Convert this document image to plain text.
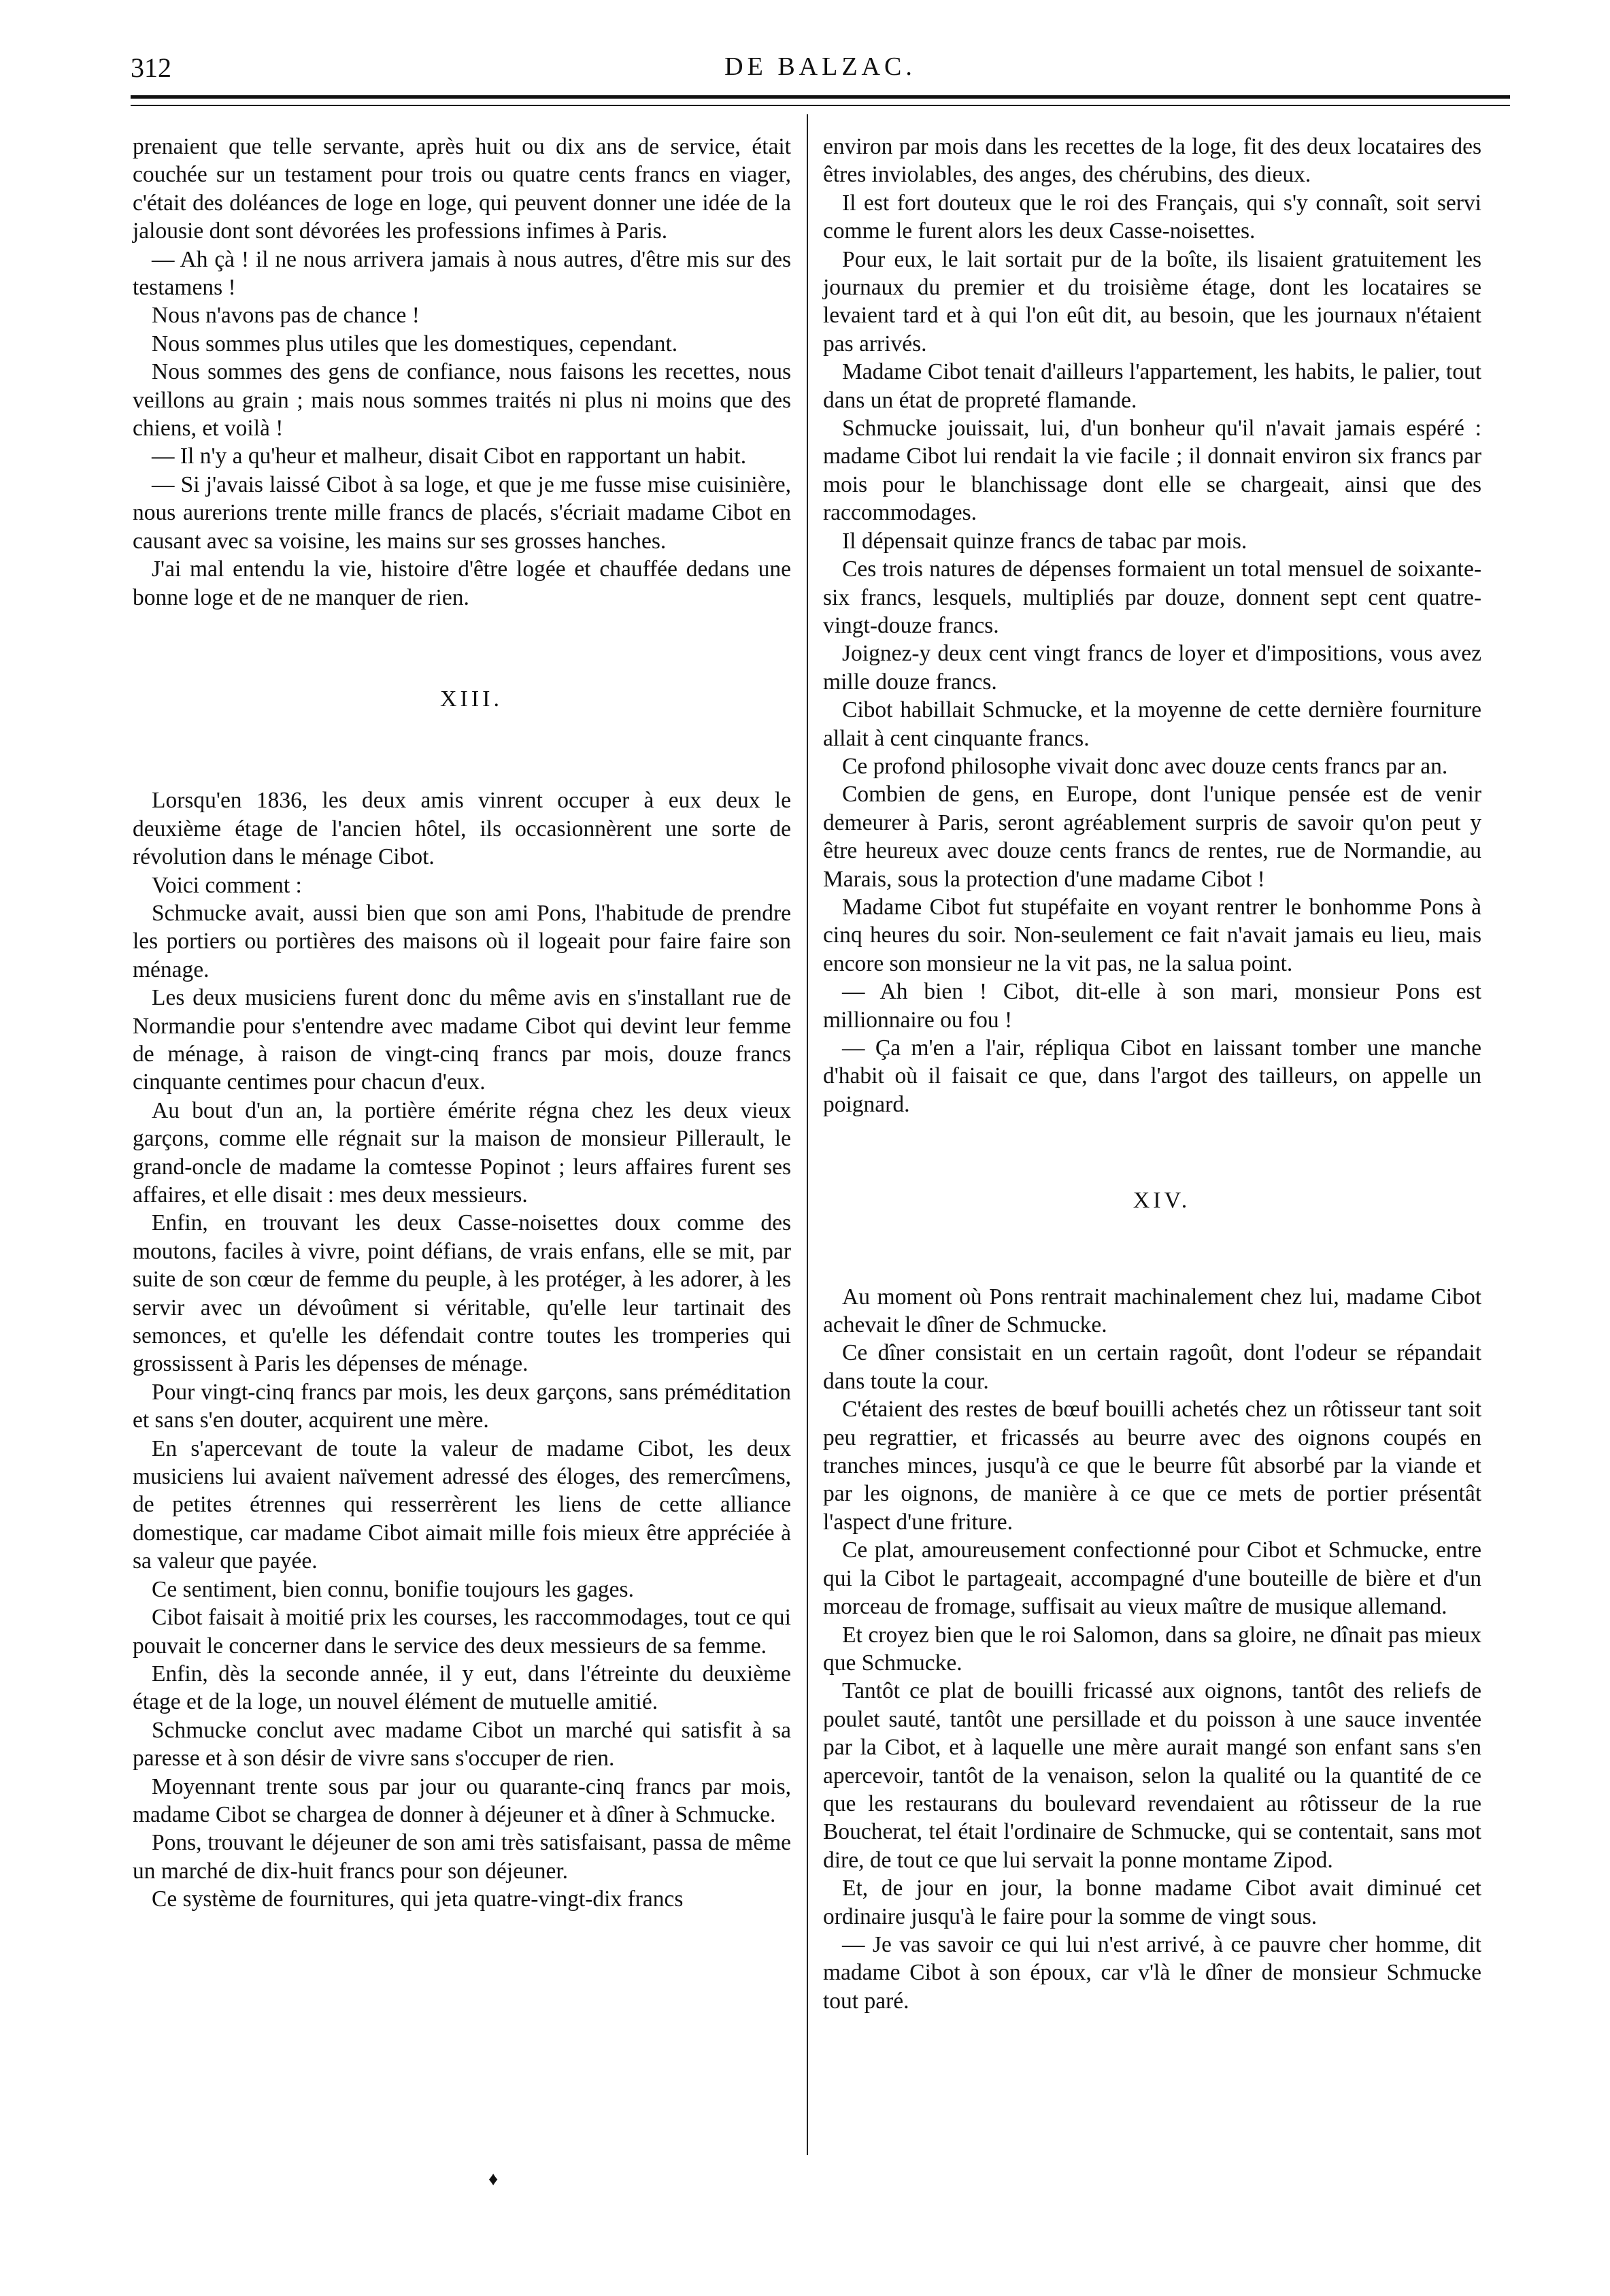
312	DE BALZAC.

prenaient que telle servante, après huit ou dix ans de service, était couchée sur un testament pour trois ou quatre cents francs en viager, c'était des doléances de loge en loge, qui peuvent donner une idée de la jalousie dont sont dévorées les professions infimes à Paris.

— Ah çà ! il ne nous arrivera jamais à nous autres, d'être mis sur des testamens !

Nous n'avons pas de chance !

Nous sommes plus utiles que les domestiques, cependant.

Nous sommes des gens de confiance, nous faisons les recettes, nous veillons au grain ; mais nous sommes traités ni plus ni moins que des chiens, et voilà !

— Il n'y a qu'heur et malheur, disait Cibot en rapportant un habit.

— Si j'avais laissé Cibot à sa loge, et que je me fusse mise cuisinière, nous aurerions trente mille francs de placés, s'écriait madame Cibot en causant avec sa voisine, les mains sur ses grosses hanches.

J'ai mal entendu la vie, histoire d'être logée et chauffée dedans une bonne loge et de ne manquer de rien.

XIII.

Lorsqu'en 1836, les deux amis vinrent occuper à eux deux le deuxième étage de l'ancien hôtel, ils occasionnèrent une sorte de révolution dans le ménage Cibot.

Voici comment :

Schmucke avait, aussi bien que son ami Pons, l'habitude de prendre les portiers ou portières des maisons où il logeait pour faire faire son ménage.

Les deux musiciens furent donc du même avis en s'installant rue de Normandie pour s'entendre avec madame Cibot qui devint leur femme de ménage, à raison de vingt-cinq francs par mois, douze francs cinquante centimes pour chacun d'eux.

Au bout d'un an, la portière émérite régna chez les deux vieux garçons, comme elle régnait sur la maison de monsieur Pillerault, le grand-oncle de madame la comtesse Popinot ; leurs affaires furent ses affaires, et elle disait : mes deux messieurs.

Enfin, en trouvant les deux Casse-noisettes doux comme des moutons, faciles à vivre, point défians, de vrais enfans, elle se mit, par suite de son cœur de femme du peuple, à les protéger, à les adorer, à les servir avec un dévoûment si véritable, qu'elle leur tartinait des semonces, et qu'elle les défendait contre toutes les tromperies qui grossissent à Paris les dépenses de ménage.

Pour vingt-cinq francs par mois, les deux garçons, sans préméditation et sans s'en douter, acquirent une mère.

En s'apercevant de toute la valeur de madame Cibot, les deux musiciens lui avaient naïvement adressé des éloges, des remercîmens, de petites étrennes qui resserrèrent les liens de cette alliance domestique, car madame Cibot aimait mille fois mieux être appréciée à sa valeur que payée.

Ce sentiment, bien connu, bonifie toujours les gages.

Cibot faisait à moitié prix les courses, les raccommodages, tout ce qui pouvait le concerner dans le service des deux messieurs de sa femme.

Enfin, dès la seconde année, il y eut, dans l'étreinte du deuxième étage et de la loge, un nouvel élément de mutuelle amitié.

Schmucke conclut avec madame Cibot un marché qui satisfit à sa paresse et à son désir de vivre sans s'occuper de rien.

Moyennant trente sous par jour ou quarante-cinq francs par mois, madame Cibot se chargea de donner à déjeuner et à dîner à Schmucke.

Pons, trouvant le déjeuner de son ami très satisfaisant, passa de même un marché de dix-huit francs pour son déjeuner.

Ce système de fournitures, qui jeta quatre-vingt-dix francs

environ par mois dans les recettes de la loge, fit des deux locataires des êtres inviolables, des anges, des chérubins, des dieux.

Il est fort douteux que le roi des Français, qui s'y connaît, soit servi comme le furent alors les deux Casse-noisettes.

Pour eux, le lait sortait pur de la boîte, ils lisaient gratuitement les journaux du premier et du troisième étage, dont les locataires se levaient tard et à qui l'on eût dit, au besoin, que les journaux n'étaient pas arrivés.

Madame Cibot tenait d'ailleurs l'appartement, les habits, le palier, tout dans un état de propreté flamande.

Schmucke jouissait, lui, d'un bonheur qu'il n'avait jamais espéré : madame Cibot lui rendait la vie facile ; il donnait environ six francs par mois pour le blanchissage dont elle se chargeait, ainsi que des raccommodages.

Il dépensait quinze francs de tabac par mois.

Ces trois natures de dépenses formaient un total mensuel de soixante-six francs, lesquels, multipliés par douze, donnent sept cent quatre-vingt-douze francs.

Joignez-y deux cent vingt francs de loyer et d'impositions, vous avez mille douze francs.

Cibot habillait Schmucke, et la moyenne de cette dernière fourniture allait à cent cinquante francs.

Ce profond philosophe vivait donc avec douze cents francs par an.

Combien de gens, en Europe, dont l'unique pensée est de venir demeurer à Paris, seront agréablement surpris de savoir qu'on peut y être heureux avec douze cents francs de rentes, rue de Normandie, au Marais, sous la protection d'une madame Cibot !

Madame Cibot fut stupéfaite en voyant rentrer le bonhomme Pons à cinq heures du soir. Non-seulement ce fait n'avait jamais eu lieu, mais encore son monsieur ne la vit pas, ne la salua point.

— Ah bien ! Cibot, dit-elle à son mari, monsieur Pons est millionnaire ou fou !

— Ça m'en a l'air, répliqua Cibot en laissant tomber une manche d'habit où il faisait ce que, dans l'argot des tailleurs, on appelle un poignard.

XIV.

Au moment où Pons rentrait machinalement chez lui, madame Cibot achevait le dîner de Schmucke.

Ce dîner consistait en un certain ragoût, dont l'odeur se répandait dans toute la cour.

C'étaient des restes de bœuf bouilli achetés chez un rôtisseur tant soit peu regrattier, et fricassés au beurre avec des oignons coupés en tranches minces, jusqu'à ce que le beurre fût absorbé par la viande et par les oignons, de manière à ce que ce mets de portier présentât l'aspect d'une friture.

Ce plat, amoureusement confectionné pour Cibot et Schmucke, entre qui la Cibot le partageait, accompagné d'une bouteille de bière et d'un morceau de fromage, suffisait au vieux maître de musique allemand.

Et croyez bien que le roi Salomon, dans sa gloire, ne dînait pas mieux que Schmucke.

Tantôt ce plat de bouilli fricassé aux oignons, tantôt des reliefs de poulet sauté, tantôt une persillade et du poisson à une sauce inventée par la Cibot, et à laquelle une mère aurait mangé son enfant sans s'en apercevoir, tantôt de la venaison, selon la qualité ou la quantité de ce que les restaurans du boulevard revendaient au rôtisseur de la rue Boucherat, tel était l'ordinaire de Schmucke, qui se contentait, sans mot dire, de tout ce que lui servait la ponne montame Zipod.

Et, de jour en jour, la bonne madame Cibot avait diminué cet ordinaire jusqu'à le faire pour la somme de vingt sous.

— Je vas savoir ce qui lui n'est arrivé, à ce pauvre cher homme, dit madame Cibot à son époux, car v'là le dîner de monsieur Schmucke tout paré.

♦
